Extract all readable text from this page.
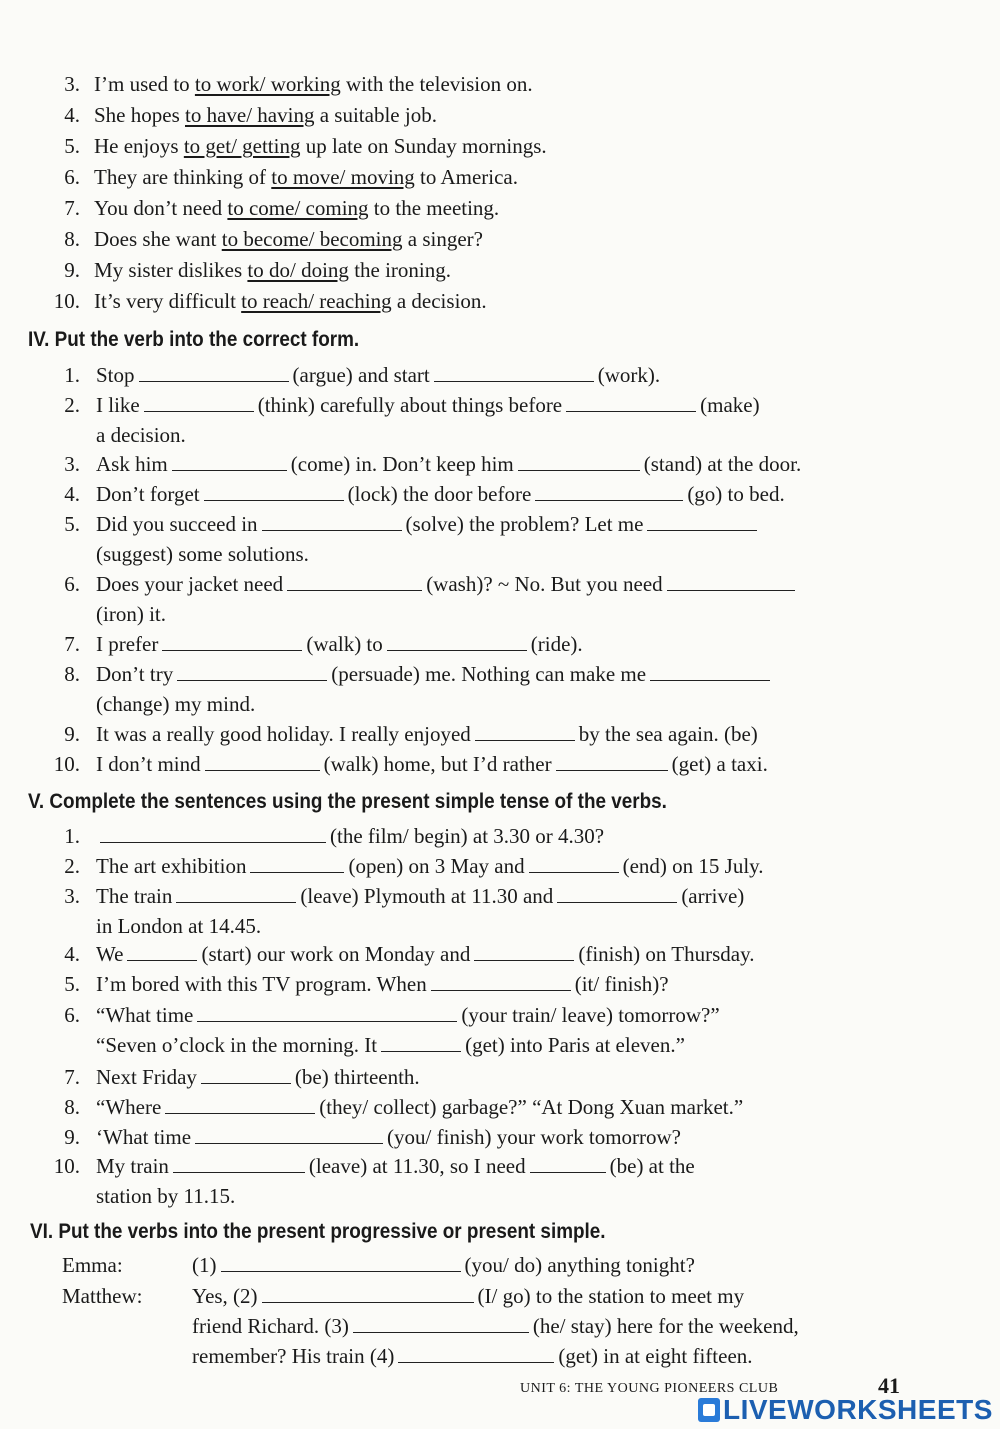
3. I’m used to to work/ working with the television on.
4. She hopes to have/ having a suitable job.
5. He enjoys to get/ getting up late on Sunday mornings.
6. They are thinking of to move/ moving to America.
7. You don’t need to come/ coming to the meeting.
8. Does she want to become/ becoming a singer?
9. My sister dislikes to do/ doing the ironing.
10. It’s very difficult to reach/ reaching a decision.
IV. Put the verb into the correct form.
1. Stop	(argue) and start	(work).
2. I like	(think) carefully about things before	(make)
a decision.
3. Ask him	(come) in. Don’t keep him	(stand) at the door.
4. Don’t forget	(lock) the door before	(go) to bed.
5. Did you succeed in	(solve) the problem? Let me
(suggest) some solutions.
6. Does your jacket need	(wash)? ~ No. But you need
(iron) it.
7. I prefer	(walk) to	(ride).
8. Don’t try	(persuade) me. Nothing can make me
(change) my mind.
9. It was a really good holiday. I really enjoyed	by the sea again. (be)
10. I don’t mind	(walk) home, but I’d rather	(get) a taxi.
V. Complete the sentences using the present simple tense of the verbs.
1.	(the film/ begin) at 3.30 or 4.30?
2. The art exhibition	(open) on 3 May and	(end) on 15 July.
3. The train	(leave) Plymouth at 11.30 and	(arrive)
in London at 14.45.
4. We	(start) our work on Monday and	(finish) on Thursday.
5. I’m bored with this TV program. When	(it/ finish)?
6. “What time	(your train/ leave) tomorrow?”
“Seven o’clock in the morning. It	(get) into Paris at eleven.”
7. Next Friday	(be) thirteenth.
8. “Where	(they/ collect) garbage?” “At Dong Xuan market.”
9. ‘What time	(you/ finish) your work tomorrow?
10. My train	(leave) at 11.30, so I need	(be) at the
station by 11.15.
VI. Put the verbs into the present progressive or present simple.
Emma:	(1)	(you/ do) anything tonight?
Matthew: Yes, (2)	(I/ go) to the station to meet my
friend Richard. (3)	(he/ stay) here for the weekend,
remember? His train (4)	(get) in at eight fifteen.
UNIT 6: THE YOUNG PIONEERS CLUB	41
LIVEWORKSHEETS
